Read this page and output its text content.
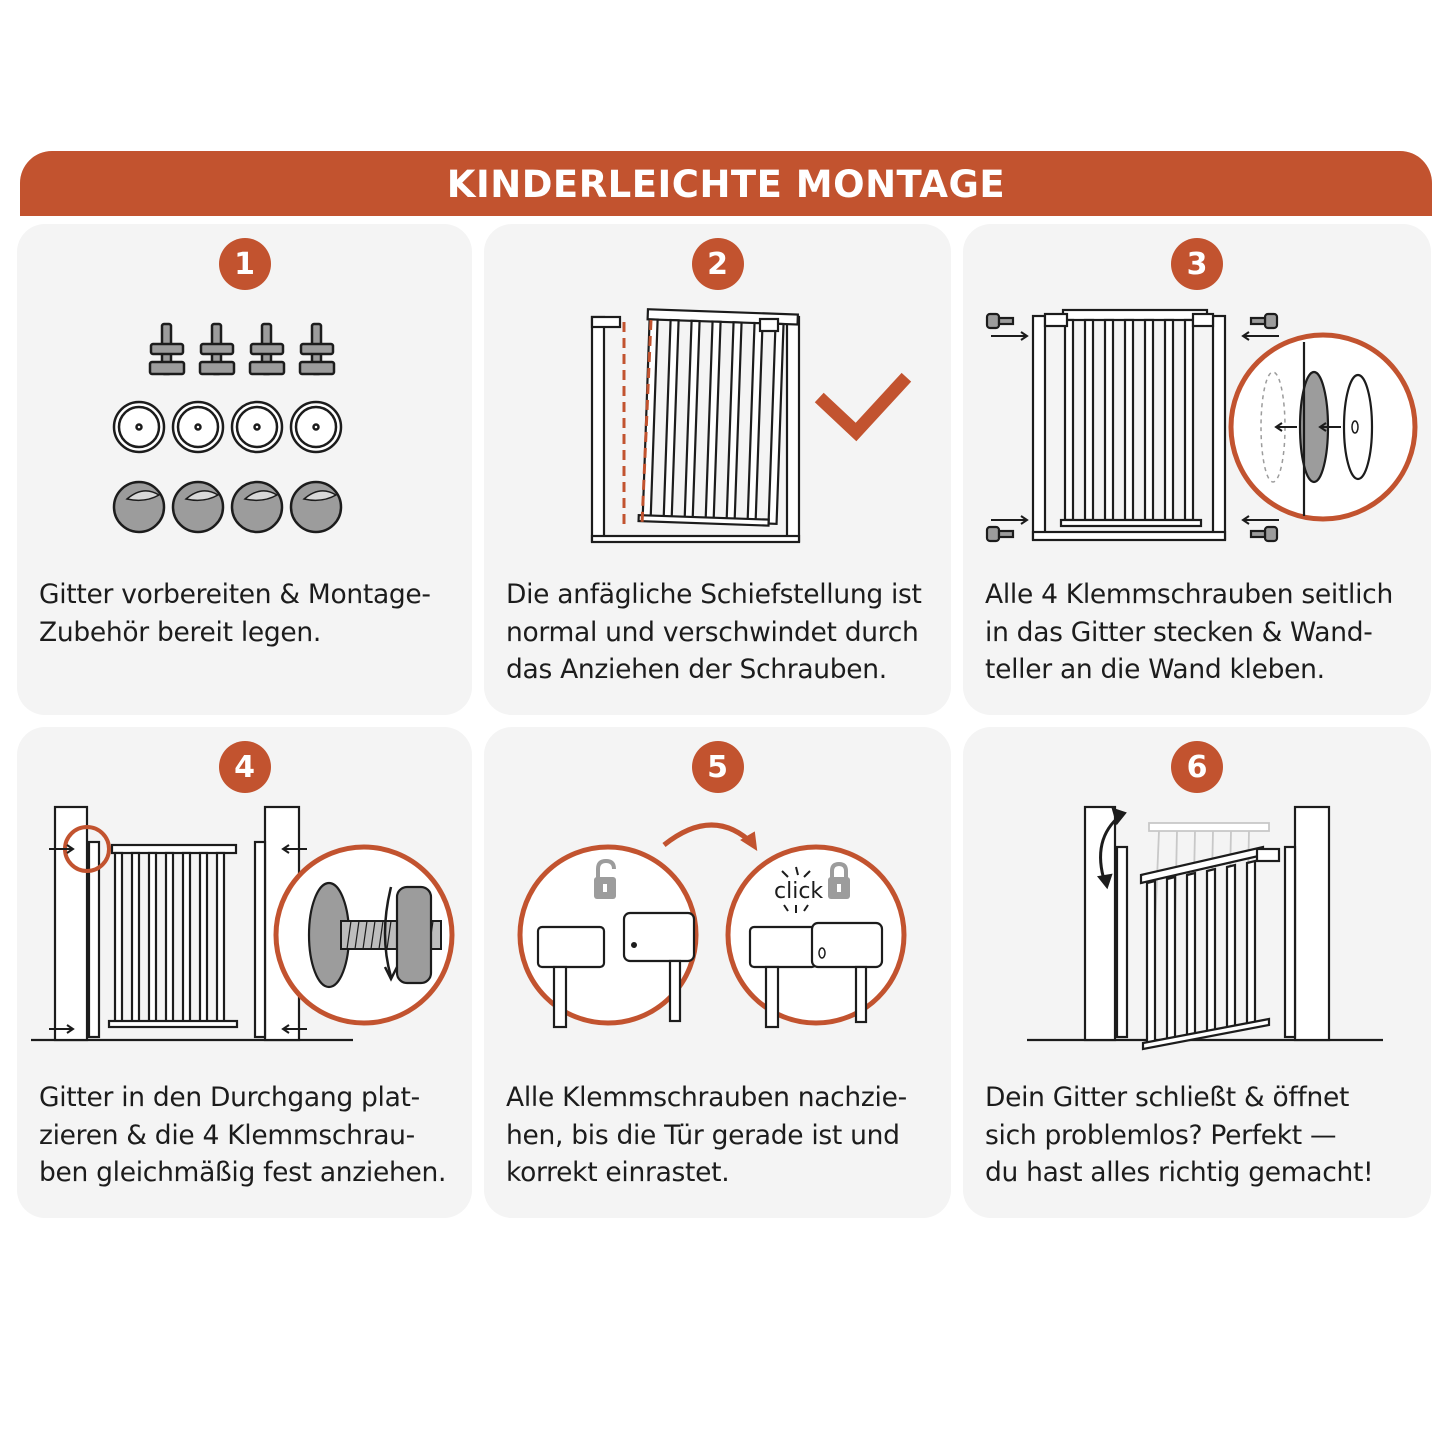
KINDERLEICHTE MONTAGE
1
Gitter vorbereiten & Montage-
Zubehör bereit legen.
2
Die anfägliche Schiefstellung ist
normal und verschwindet durch
das Anziehen der Schrauben.
3
Alle 4 Klemmschrauben seitlich
in das Gitter stecken & Wand-
teller an die Wand kleben.
4
Gitter in den Durchgang plat-
zieren & die 4 Klemmschrau-
ben gleichmäßig fest anziehen.
5
click
Alle Klemmschrauben nachzie-
hen, bis die Tür gerade ist und
korrekt einrastet.
6
Dein Gitter schließt & öffnet
sich problemlos? Perfekt —
du hast alles richtig gemacht!
